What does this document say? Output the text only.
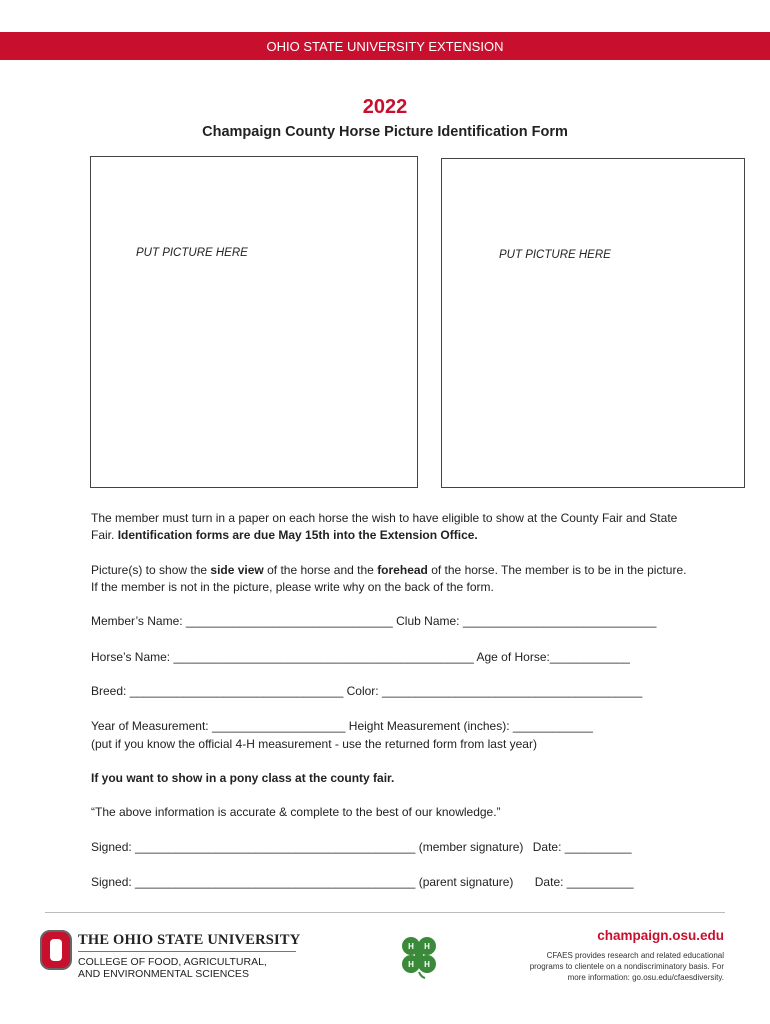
OHIO STATE UNIVERSITY EXTENSION
2022
Champaign County Horse Picture Identification Form
PUT PICTURE HERE	PUT PICTURE HERE
The member must turn in a paper on each horse the wish to have eligible to show at the County Fair and State Fair. Identification forms are due May 15th into the Extension Office.
Picture(s) to show the side view of the horse and the forehead of the horse. The member is to be in the picture. If the member is not in the picture, please write why on the back of the form.
Member’s Name: _______________________________ Club Name: _____________________________
Horse’s Name: _____________________________________________ Age of Horse:____________
Breed: ________________________________ Color: _______________________________________
Year of Measurement: ____________________ Height Measurement (inches): ____________
(put if you know the official 4-H measurement - use the returned form from last year)
If you want to show in a pony class at the county fair.
“The above information is accurate & complete to the best of our knowledge.”
Signed: __________________________________________ (member signature) Date: __________
Signed: __________________________________________ (parent signature) Date: __________
THE OHIO STATE UNIVERSITY
COLLEGE OF FOOD, AGRICULTURAL,
AND ENVIRONMENTAL SCIENCES
H H
H H
champaign.osu.edu
CFAES provides research and related educational
programs to clientele on a nondiscriminatory basis. For
more information: go.osu.edu/cfaesdiversity.
